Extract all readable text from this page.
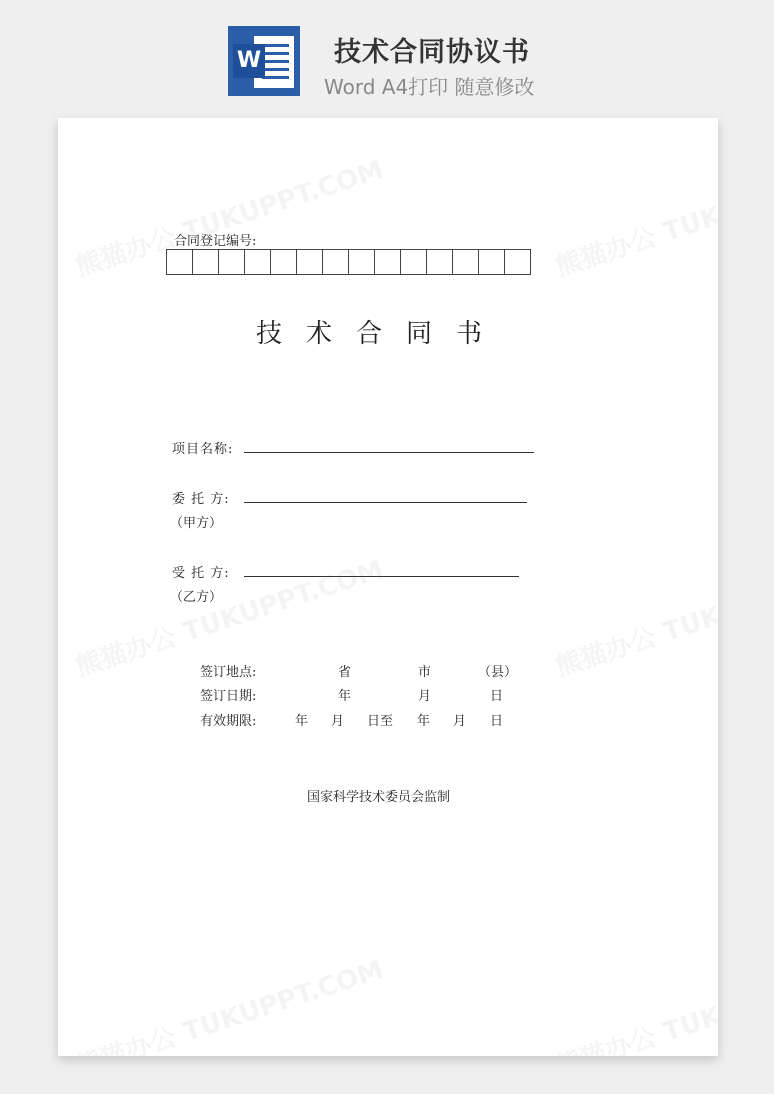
W	技术合同协议书
Word A4打印 随意修改
合同登记编号:
技术合同书
项目名称:
委 托 方:
（甲方）
受 托 方:
（乙方）
签订地点:	省	市	（县）
签订日期:	年	月	日
有效期限:	年 月 日至 年 月 日
国家科学技术委员会监制
